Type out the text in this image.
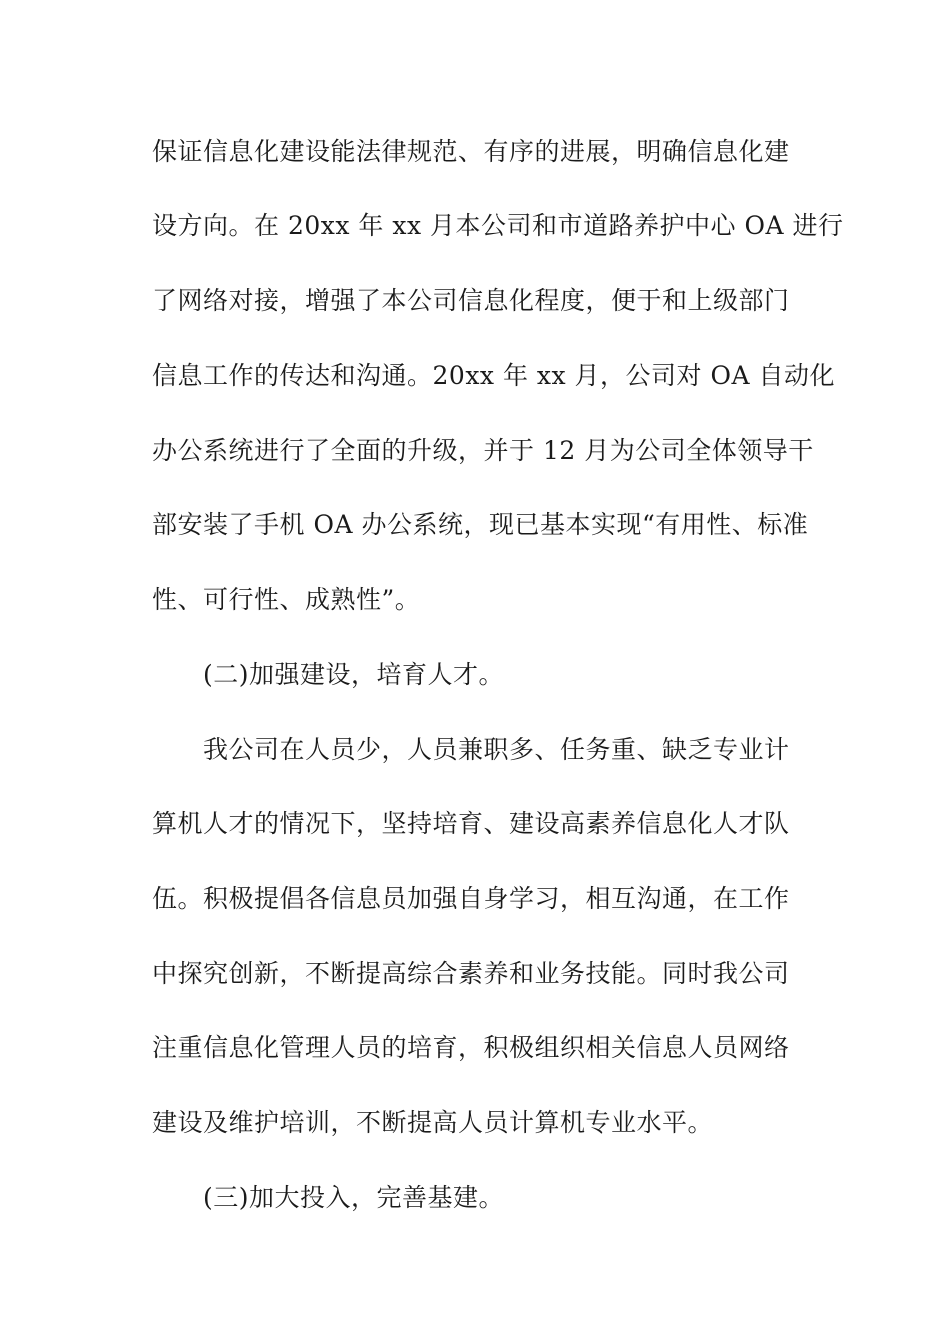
保证信息化建设能法律规范、有序的进展，明确信息化建
设方向。在 20xx 年 xx 月本公司和市道路养护中心 OA 进行
了网络对接，增强了本公司信息化程度，便于和上级部门
信息工作的传达和沟通。20xx 年 xx 月，公司对 OA 自动化
办公系统进行了全面的升级，并于 12 月为公司全体领导干
部安装了手机 OA 办公系统，现已基本实现“有用性、标准
性、可行性、成熟性”。
(二)加强建设，培育人才。
我公司在人员少，人员兼职多、任务重、缺乏专业计
算机人才的情况下，坚持培育、建设高素养信息化人才队
伍。积极提倡各信息员加强自身学习，相互沟通，在工作
中探究创新，不断提高综合素养和业务技能。同时我公司
注重信息化管理人员的培育，积极组织相关信息人员网络
建设及维护培训，不断提高人员计算机专业水平。
(三)加大投入，完善基建。
